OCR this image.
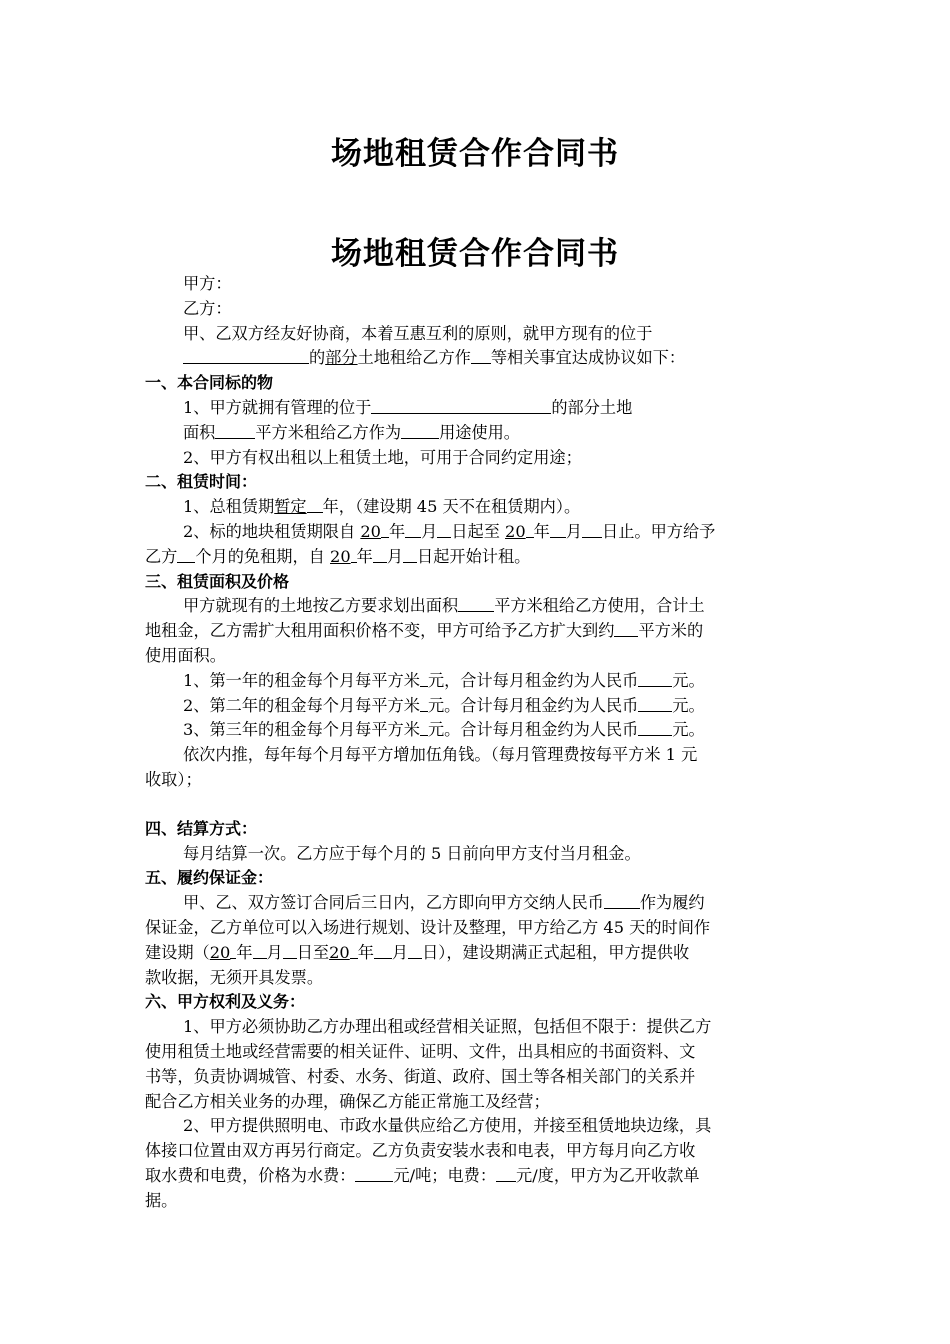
场地租赁合作合同书
场地租赁合作合同书

甲方：

乙方：

甲、乙双方经友好协商，本着互惠互利的原则，就甲方现有的位于

的部分土地租给乙方作 等相关事宜达成协议如下：

一、本合同标的物

1、甲方就拥有管理的位于	的部分土地

面积 平方米租给乙方作为 用途使用。

2、甲方有权出租以上租赁土地，可用于合同约定用途；

二、租赁时间：

1、总租赁期暂定 年，（建设期 45 天不在租赁期内）。

2、标的地块租赁期限自 20 年 月 日起至 20 年 月 日止。甲方给予

乙方 个月的免租期，自 20 年 月 日起开始计租。

三、租赁面积及价格

甲方就现有的土地按乙方要求划出面积 平方米租给乙方使用，合计土

地租金，乙方需扩大租用面积价格不变，甲方可给予乙方扩大到约 平方米的

使用面积。

1、第一年的租金每个月每平方米 元，合计每月租金约为人民币 元。

2、第二年的租金每个月每平方米 元。合计每月租金约为人民币 元。

3、第三年的租金每个月每平方米 元。合计每月租金约为人民币 元。

依次内推，每年每个月每平方增加伍角钱。（每月管理费按每平方米 1 元

收取）；

四、结算方式：

每月结算一次。乙方应于每个月的 5 日前向甲方支付当月租金。

五、履约保证金：

甲、乙、双方签订合同后三日内，乙方即向甲方交纳人民币 作为履约

保证金，乙方单位可以入场进行规划、设计及整理，甲方给乙方 45 天的时间作

建设期（20 年 月 日至20 年 月 日），建设期满正式起租，甲方提供收

款收据，无须开具发票。

六、甲方权利及义务：

1、甲方必须协助乙方办理出租或经营相关证照，包括但不限于：提供乙方

使用租赁土地或经营需要的相关证件、证明、文件，出具相应的书面资料、文

书等，负责协调城管、村委、水务、街道、政府、国土等各相关部门的关系并

配合乙方相关业务的办理，确保乙方能正常施工及经营；

2、甲方提供照明电、市政水量供应给乙方使用，并接至租赁地块边缘，具

体接口位置由双方再另行商定。乙方负责安装水表和电表，甲方每月向乙方收

取水费和电费，价格为水费： 元/吨；电费： 元/度，甲方为乙开收款单

据。
